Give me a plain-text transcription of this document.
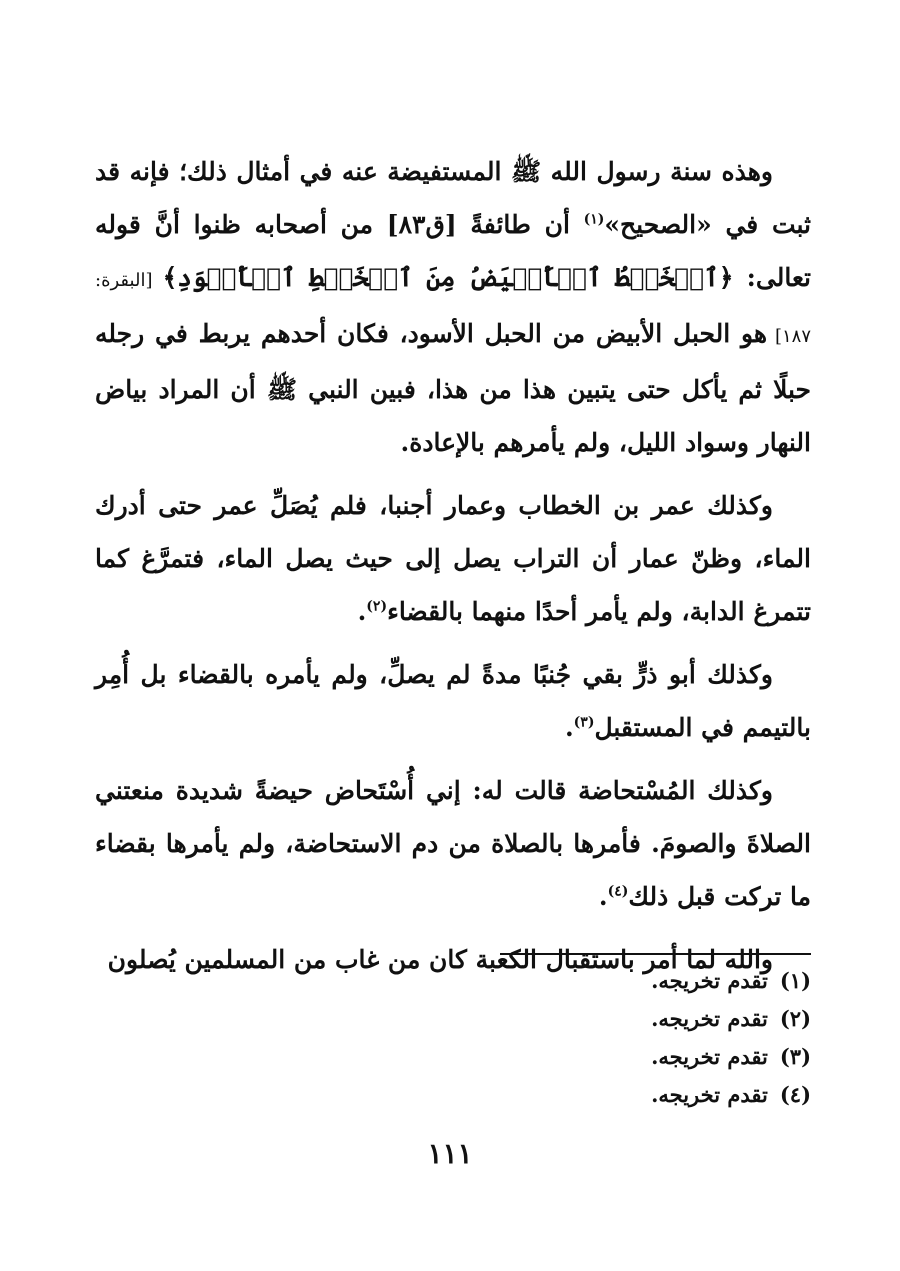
وهذه سنة رسول الله ﷺ المستفيضة عنه في أمثال ذلك؛ فإنه قد ثبت في «الصحيح»$^{(١)}$ أن طائفةً [ق٨٣] من أصحابه ظنوا أنَّ قوله تعالى: ﴿ٱلۡخَيۡطُ ٱلۡأَبۡيَضُ مِنَ ٱلۡخَيۡطِ ٱلۡأَسۡوَدِ﴾ [البقرة: ١٨٧] هو الحبل الأبيض من الحبل الأسود، فكان أحدهم يربط في رجله حبلًا ثم يأكل حتى يتبين هذا من هذا، فبين النبي ﷺ أن المراد بياض النهار وسواد الليل، ولم يأمرهم بالإعادة.

وكذلك عمر بن الخطاب وعمار أجنبا، فلم يُصَلِّ عمر حتى أدرك الماء، وظنّ عمار أن التراب يصل إلى حيث يصل الماء، فتمرَّغ كما تتمرغ الدابة، ولم يأمر أحدًا منهما بالقضاء$^{(٢)}$.

وكذلك أبو ذرٍّ بقي جُنبًا مدةً لم يصلِّ، ولم يأمره بالقضاء بل أُمِر بالتيمم في المستقبل$^{(٣)}$.

وكذلك المُسْتحاضة قالت له: إني أُسْتَحاض حيضةً شديدة منعتني الصلاةَ والصومَ. فأمرها بالصلاة من دم الاستحاضة، ولم يأمرها بقضاء ما تركت قبل ذلك$^{(٤)}$.

والله لما أمر باستقبال الكعبة كان من غاب من المسلمين يُصلون

(١)تقدم تخريجه.
(٢)تقدم تخريجه.
(٣)تقدم تخريجه.
(٤)تقدم تخريجه.
١١١
